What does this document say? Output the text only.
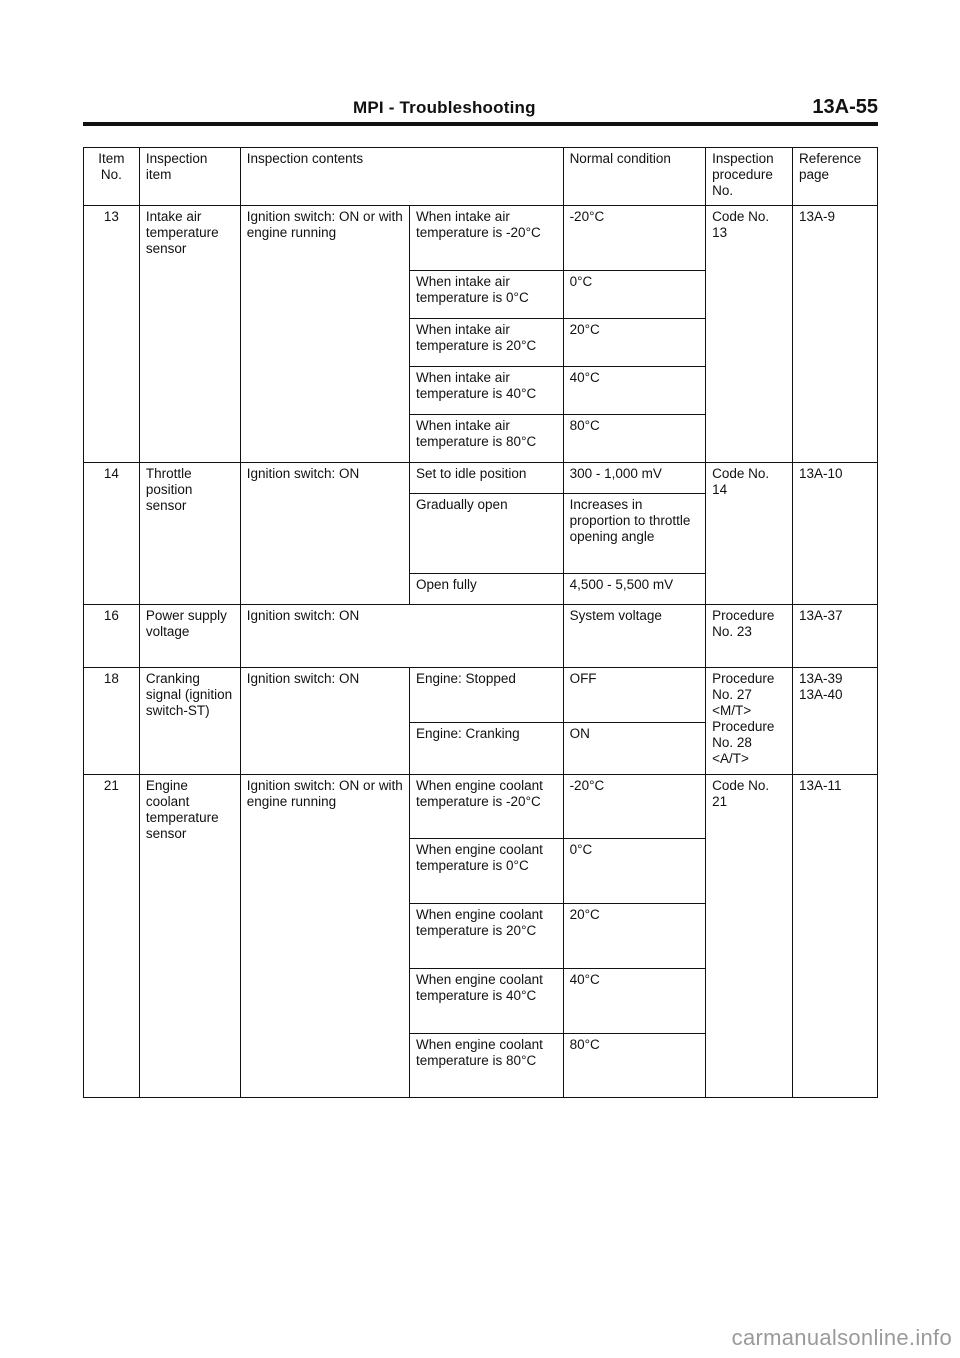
MPI - Troubleshooting	13A-55
Item No.	Inspection item	Inspection contents		Normal condition	Inspection procedure No.	Reference page
13	Intake air temperature sensor	Ignition switch: ON or with engine running	When intake air temperature is -20°C	-20°C	Code No. 13	13A-9
			When intake air temperature is 0°C	0°C		
			When intake air temperature is 20°C	20°C		
			When intake air temperature is 40°C	40°C		
			When intake air temperature is 80°C	80°C		
14	Throttle position sensor	Ignition switch: ON	Set to idle position	300 - 1,000 mV	Code No. 14	13A-10
			Gradually open	Increases in proportion to throttle opening angle		
			Open fully	4,500 - 5,500 mV		
16	Power supply voltage	Ignition switch: ON		System voltage	Procedure No. 23	13A-37
18	Cranking signal (ignition switch-ST)	Ignition switch: ON	Engine: Stopped	OFF	Procedure No. 27 <M/T> Procedure No. 28 <A/T>	13A-39 13A-40
			Engine: Cranking	ON		
21	Engine coolant temperature sensor	Ignition switch: ON or with engine running	When engine coolant temperature is -20°C	-20°C	Code No. 21	13A-11
			When engine coolant temperature is 0°C	0°C		
			When engine coolant temperature is 20°C	20°C		
			When engine coolant temperature is 40°C	40°C		
			When engine coolant temperature is 80°C	80°C		
carmanualsonline.info
